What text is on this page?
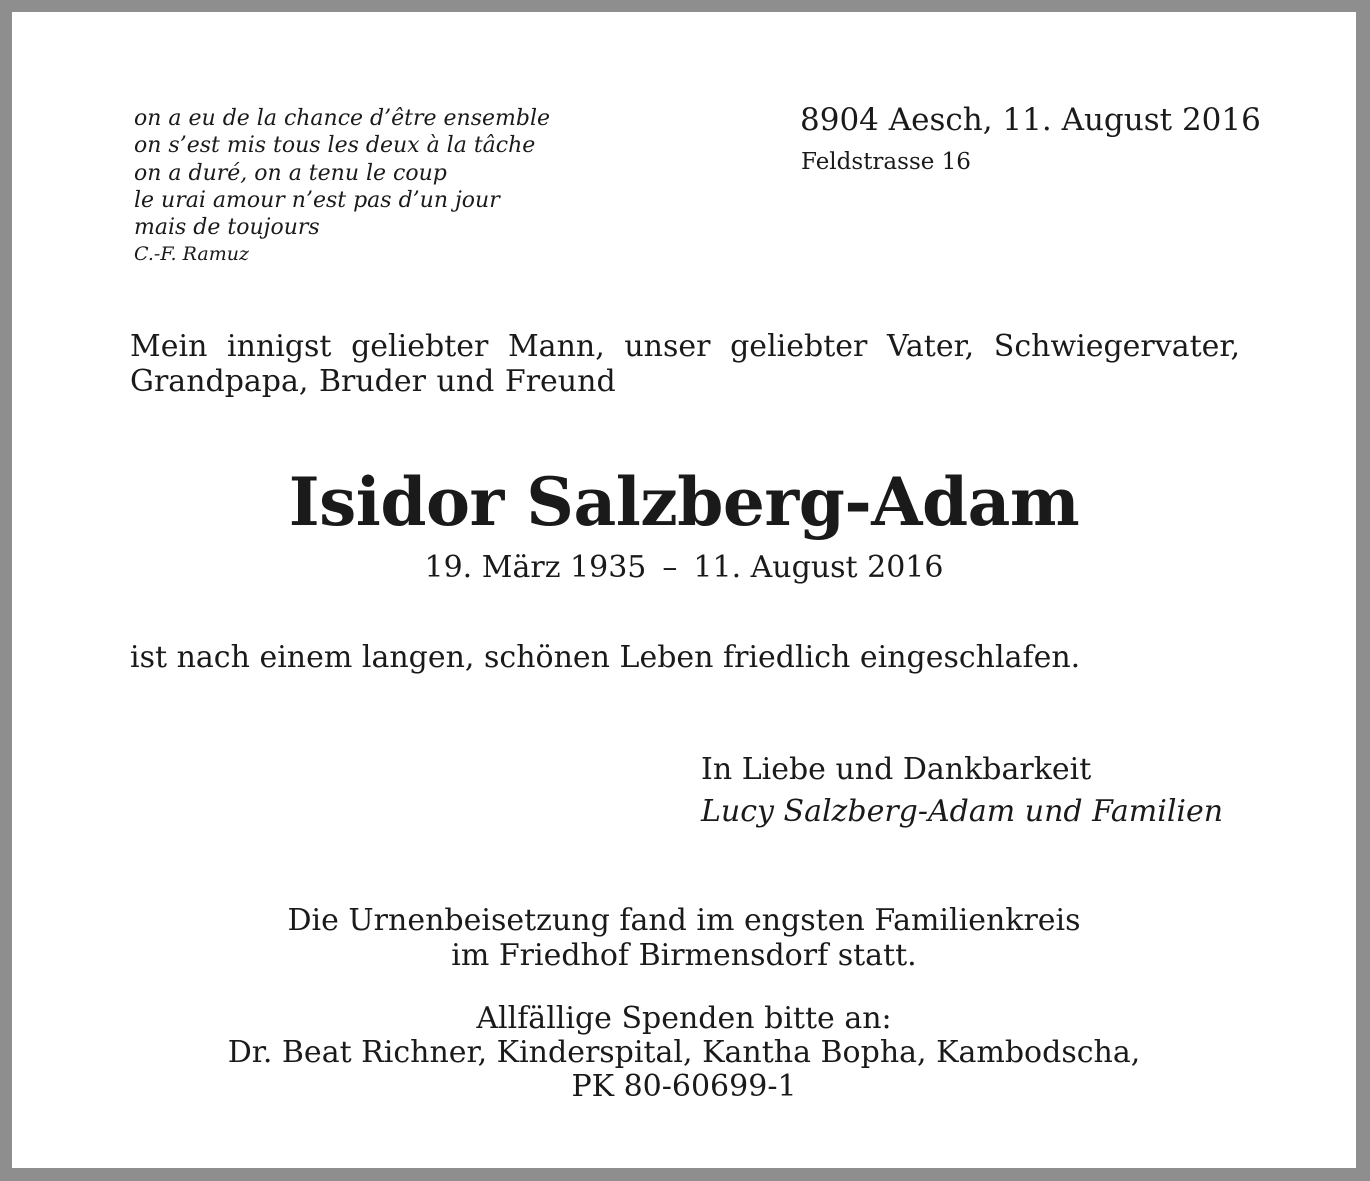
on a eu de la chance d’être ensemble
on s’est mis tous les deux à la tâche
on a duré, on a tenu le coup
le urai amour n’est pas d’un jour
mais de toujours
C.-F. Ramuz
8904 Aesch, 11. August 2016
Feldstrasse 16

Mein innigst geliebter Mann, unser geliebter Vater, Schwiegervater, Grandpapa, Bruder und Freund

Isidor Salzberg-Adam
19. März 1935 – 11. August 2016

ist nach einem langen, schönen Leben friedlich eingeschlafen.

In Liebe und Dankbarkeit
Lucy Salzberg-Adam und Familien
Die Urnenbeisetzung fand im engsten Familienkreis
im Friedhof Birmensdorf statt.
Allfällige Spenden bitte an:
Dr. Beat Richner, Kinderspital, Kantha Bopha, Kambodscha,
PK 80-60699-1
